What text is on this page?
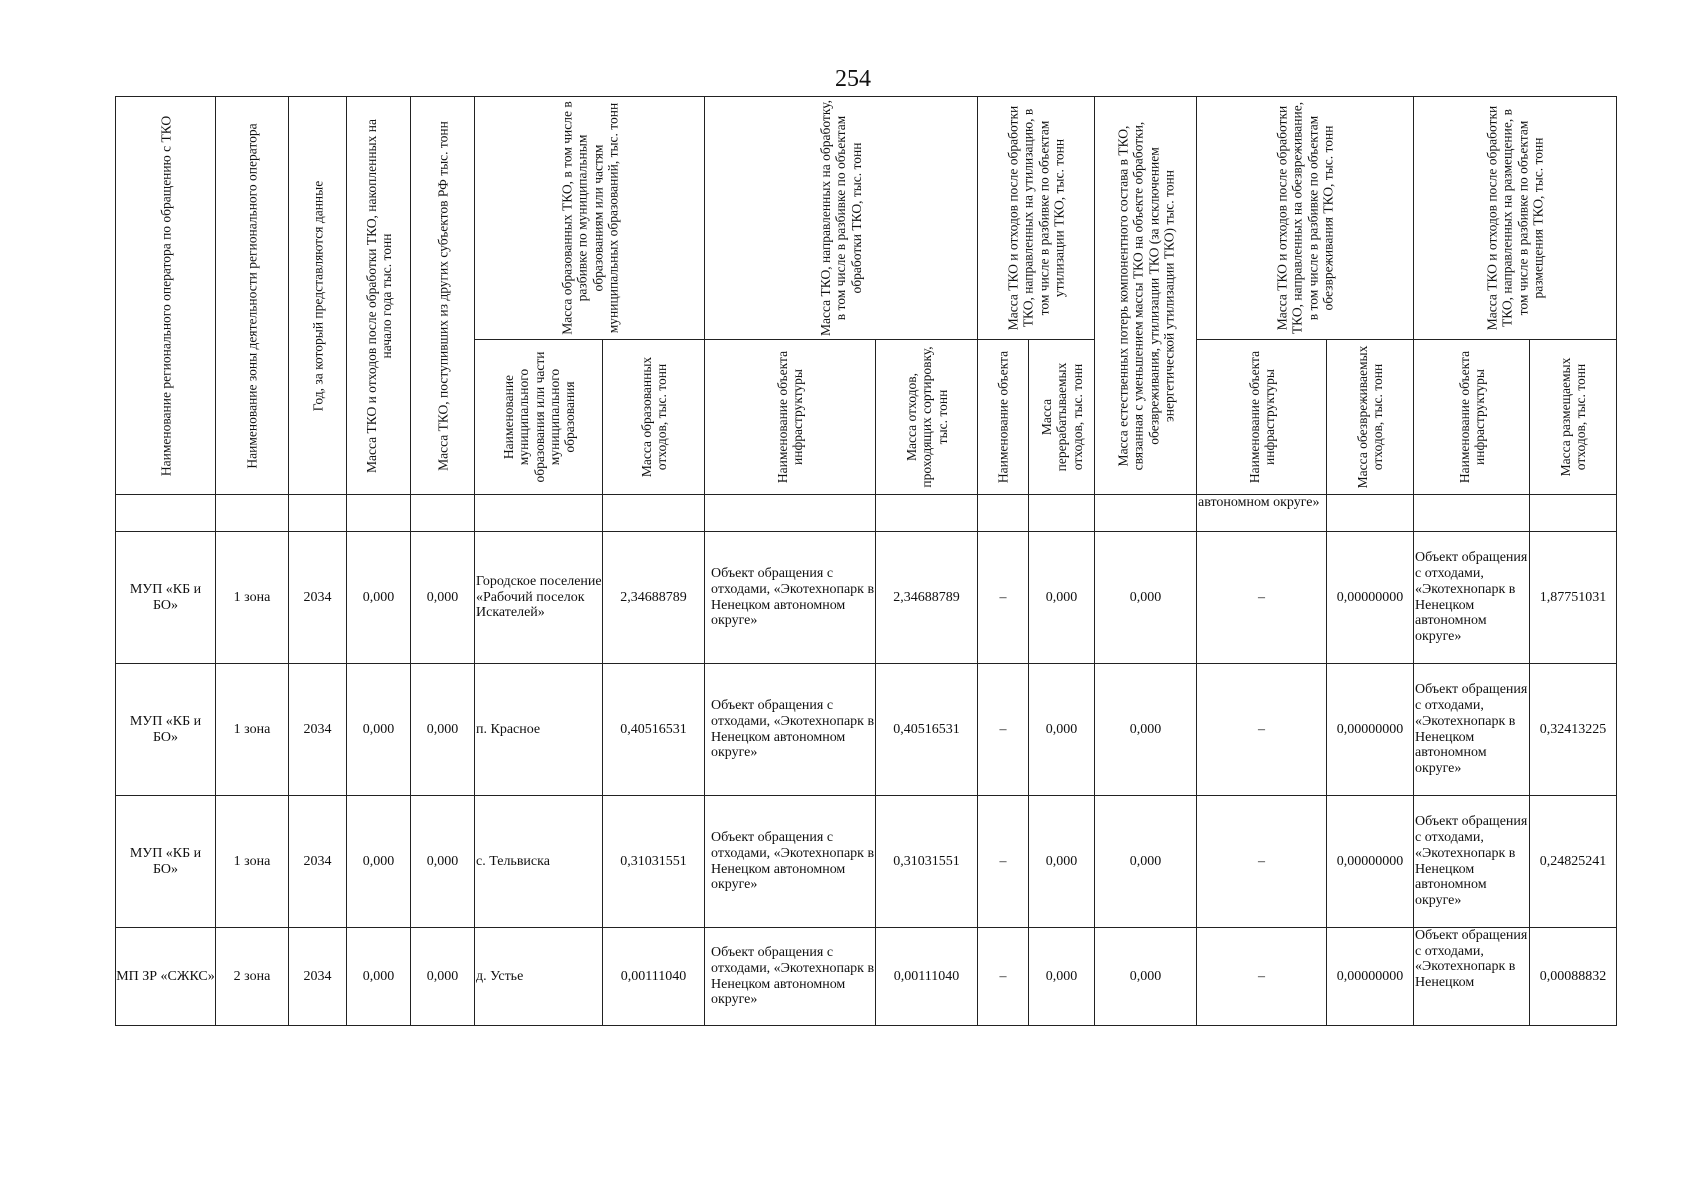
254
Наименование регионального оператора по обращению с ТКО	Наименование зоны деятельности регионального оператора	Год, за который представляются данные	Масса ТКО и отходов после обработки ТКО, накопленных на начало года тыс. тонн	Масса ТКО, поступивших из других субъектов РФ тыс. тонн	Масса образованных ТКО, в том числе в разбивке по муниципальным образованиям или частям муниципальных образований, тыс. тонн		Масса ТКО, направленных на обработку, в том числе в разбивке по объектам обработки ТКО, тыс. тонн		Масса ТКО и отходов после обработки ТКО, направленных на утилизацию, в том числе в разбивке по объектам утилизации ТКО, тыс. тонн		Масса естественных потерь компонентного состава в ТКО, связанная с уменьшением массы ТКО на объекте обработки, обезвреживания, утилизации ТКО (за исключением энергетической утилизации ТКО) тыс. тонн	Масса ТКО и отходов после обработки ТКО, направленных на обезвреживание, в том числе в разбивке по объектам обезвреживания ТКО, тыс. тонн		Масса ТКО и отходов после обработки ТКО, направленных на размещение, в том числе в разбивке по объектам размещения ТКО, тыс. тонн	

					Наименование муниципального образования или части муниципального образования	Масса образованных отходов, тыс. тонн	Наименование объекта инфраструктуры	Масса отходов, проходящих сортировку, тыс. тонн	Наименование объекта	Масса перерабатываемых отходов, тыс. тонн		Наименование объекта инфраструктуры	Масса обезвреживаемых отходов, тыс. тонн	Наименование объекта инфраструктуры	Масса размещаемых отходов, тыс. тонн

												автономном округе»			
МУП «КБ и БО»	1 зона	2034	0,000	0,000	Городское поселение «Рабочий поселок Искателей»	2,34688789	Объект обращения с отходами, «Экотехнопарк в Ненецком автономном округе»	2,34688789	–	0,000	0,000	–	0,00000000	Объект обращения с отходами, «Экотехнопарк в Ненецком автономном округе»	1,87751031
МУП «КБ и БО»	1 зона	2034	0,000	0,000	п. Красное	0,40516531	Объект обращения с отходами, «Экотехнопарк в Ненецком автономном округе»	0,40516531	–	0,000	0,000	–	0,00000000	Объект обращения с отходами, «Экотехнопарк в Ненецком автономном округе»	0,32413225
МУП «КБ и БО»	1 зона	2034	0,000	0,000	с. Тельвиска	0,31031551	Объект обращения с отходами, «Экотехнопарк в Ненецком автономном округе»	0,31031551	–	0,000	0,000	–	0,00000000	Объект обращения с отходами, «Экотехнопарк в Ненецком автономном округе»	0,24825241
МП ЗР «СЖКС»	2 зона	2034	0,000	0,000	д. Устье	0,00111040	Объект обращения с отходами, «Экотехнопарк в Ненецком автономном округе»	0,00111040	–	0,000	0,000	–	0,00000000	Объект обращения с отходами, «Экотехнопарк в Ненецком	0,00088832
